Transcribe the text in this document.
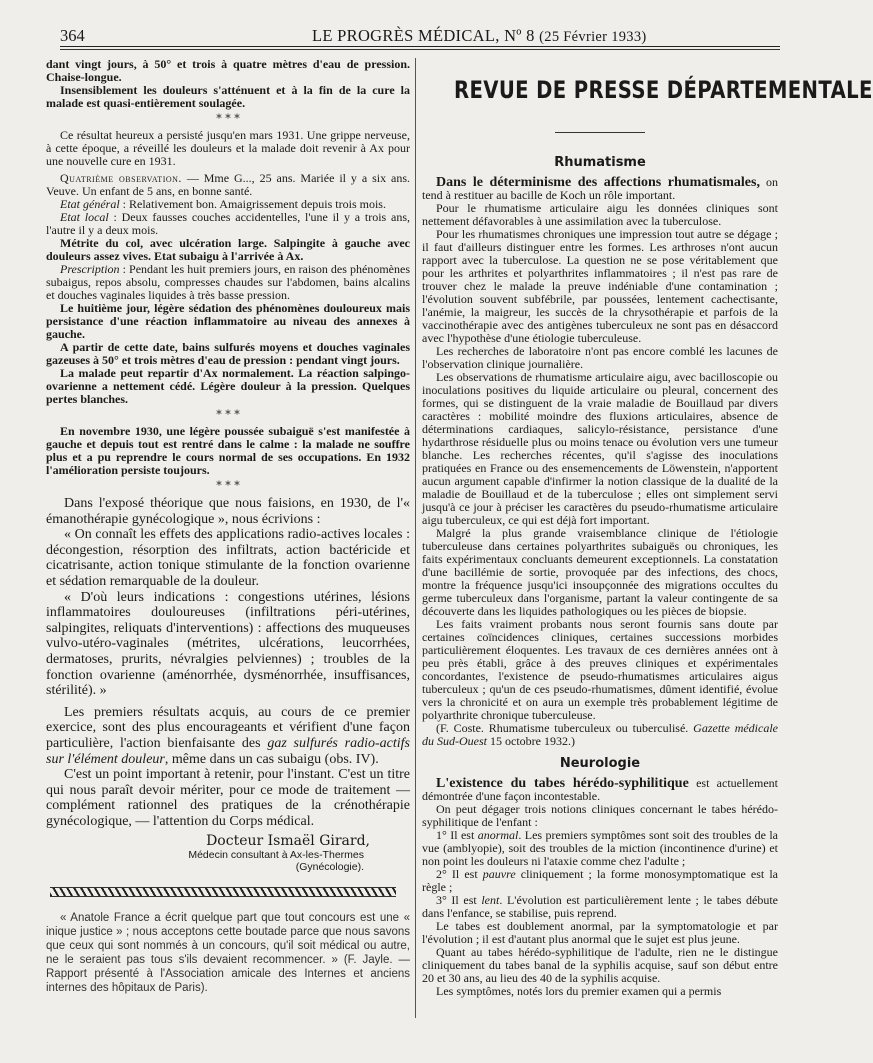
364	LE PROGRÈS MÉDICAL, Nº 8 (25 Février 1933)

dant vingt jours, à 50° et trois à quatre mètres d'eau de pression. Chaise-longue.

Insensiblement les douleurs s'atténuent et à la fin de la cure la malade est quasi-entièrement soulagée.

* * *

Ce résultat heureux a persisté jusqu'en mars 1931. Une grippe nerveuse, à cette époque, a réveillé les douleurs et la malade doit revenir à Ax pour une nouvelle cure en 1931.

Quatrième observation. — Mme G..., 25 ans. Mariée il y a six ans. Veuve. Un enfant de 5 ans, en bonne santé.

Etat général : Relativement bon. Amaigrissement depuis trois mois.

Etat local : Deux fausses couches accidentelles, l'une il y a trois ans, l'autre il y a deux mois.

Métrite du col, avec ulcération large. Salpingite à gauche avec douleurs assez vives. Etat subaigu à l'arrivée à Ax.

Prescription : Pendant les huit premiers jours, en raison des phénomènes subaigus, repos absolu, compresses chaudes sur l'abdomen, bains alcalins et douches vaginales liquides à très basse pression.

Le huitième jour, légère sédation des phénomènes douloureux mais persistance d'une réaction inflammatoire au niveau des annexes à gauche.

A partir de cette date, bains sulfurés moyens et douches vaginales gazeuses à 50° et trois mètres d'eau de pression : pendant vingt jours.

La malade peut repartir d'Ax normalement. La réaction salpingo-ovarienne a nettement cédé. Légère douleur à la pression. Quelques pertes blanches.

* * *

En novembre 1930, une légère poussée subaiguë s'est manifestée à gauche et depuis tout est rentré dans le calme : la malade ne souffre plus et a pu reprendre le cours normal de ses occupations. En 1932 l'amélioration persiste toujours.

* * *

Dans l'exposé théorique que nous faisions, en 1930, de l'« émanothérapie gynécologique », nous écrivions :

« On connaît les effets des applications radio-actives locales : décongestion, résorption des infiltrats, action bactéricide et cicatrisante, action tonique stimulante de la fonction ovarienne et sédation remarquable de la douleur.

« D'où leurs indications : congestions utérines, lésions inflammatoires douloureuses (infiltrations péri-utérines, salpingites, reliquats d'interventions) : affections des muqueuses vulvo-utéro-vaginales (métrites, ulcérations, leucorrhées, dermatoses, prurits, névralgies pelviennes) ; troubles de la fonction ovarienne (aménorrhée, dysménorrhée, insuffisances, stérilité). »

Les premiers résultats acquis, au cours de ce premier exercice, sont des plus encourageants et vérifient d'une façon particulière, l'action bienfaisante des gaz sulfurés radio-actifs sur l'élément douleur, même dans un cas subaigu (obs. IV).

C'est un point important à retenir, pour l'instant. C'est un titre qui nous paraît devoir mériter, pour ce mode de traitement — complément rationnel des pratiques de la crénothérapie gynécologique, — l'attention du Corps médical.

Docteur Ismaël Girard,
Médecin consultant à Ax-les-Thermes
(Gynécologie).

« Anatole France a écrit quelque part que tout concours est une « inique justice » ; nous acceptons cette boutade parce que nous savons que ceux qui sont nommés à un concours, qu'il soit médical ou autre, ne le seraient pas tous s'ils devaient recommencer. » (F. Jayle. — Rapport présenté à l'Association amicale des Internes et anciens internes des hôpitaux de Paris).

REVUE DE PRESSE DÉPARTEMENTALE
Rhumatisme

Dans le déterminisme des affections rhumatismales, on tend à restituer au bacille de Koch un rôle important.

Pour le rhumatisme articulaire aigu les données cliniques sont nettement défavorables à une assimilation avec la tuberculose.

Pour les rhumatismes chroniques une impression tout autre se dégage ; il faut d'ailleurs distinguer entre les formes. Les arthroses n'ont aucun rapport avec la tuberculose. La question ne se pose véritablement que pour les arthrites et polyarthrites inflammatoires ; il n'est pas rare de trouver chez le malade la preuve indéniable d'une contamination ; l'évolution souvent subfébrile, par poussées, lentement cachectisante, l'anémie, la maigreur, les succès de la chrysothérapie et parfois de la vaccinothérapie avec des antigènes tuberculeux ne sont pas en désaccord avec l'hypothèse d'une étiologie tuberculeuse.

Les recherches de laboratoire n'ont pas encore comblé les lacunes de l'observation clinique journalière.

Les observations de rhumatisme articulaire aigu, avec bacilloscopie ou inoculations positives du liquide articulaire ou pleural, concernent des formes, qui se distinguent de la vraie maladie de Bouillaud par divers caractères : mobilité moindre des fluxions articulaires, absence de déterminations cardiaques, salicylo-résistance, persistance d'une hydarthrose résiduelle plus ou moins tenace ou évolution vers une tumeur blanche. Les recherches récentes, qu'il s'agisse des inoculations pratiquées en France ou des ensemencements de Löwenstein, n'apportent aucun argument capable d'infirmer la notion classique de la dualité de la maladie de Bouillaud et de la tuberculose ; elles ont simplement servi jusqu'à ce jour à préciser les caractères du pseudo-rhumatisme articulaire aigu tuberculeux, ce qui est déjà fort important.

Malgré la plus grande vraisemblance clinique de l'étiologie tuberculeuse dans certaines polyarthrites subaiguës ou chroniques, les faits expérimentaux concluants demeurent exceptionnels. La constatation d'une bacillémie de sortie, provoquée par des infections, des chocs, montre la fréquence jusqu'ici insoupçonnée des migrations occultes du germe tuberculeux dans l'organisme, partant la valeur contingente de sa découverte dans les liquides pathologiques ou les pièces de biopsie.

Les faits vraiment probants nous seront fournis sans doute par certaines coïncidences cliniques, certaines successions morbides particulièrement éloquentes. Les travaux de ces dernières années ont à peu près établi, grâce à des preuves cliniques et expérimentales concordantes, l'existence de pseudo-rhumatismes articulaires aigus tuberculeux ; qu'un de ces pseudo-rhumatismes, dûment identifié, évolue vers la chronicité et on aura un exemple très probablement légitime de polyarthrite chronique tuberculeuse.

(F. Coste. Rhumatisme tuberculeux ou tuberculisé. Gazette médicale du Sud-Ouest 15 octobre 1932.)

Neurologie

L'existence du tabes hérédo-syphilitique est actuellement démontrée d'une façon incontestable.

On peut dégager trois notions cliniques concernant le tabes hérédo-syphilitique de l'enfant :

1° Il est anormal. Les premiers symptômes sont soit des troubles de la vue (amblyopie), soit des troubles de la miction (incontinence d'urine) et non point les douleurs ni l'ataxie comme chez l'adulte ;

2° Il est pauvre cliniquement ; la forme monosymptomatique est la règle ;

3° Il est lent. L'évolution est particulièrement lente ; le tabes débute dans l'enfance, se stabilise, puis reprend.

Le tabes est doublement anormal, par la symptomatologie et par l'évolution ; il est d'autant plus anormal que le sujet est plus jeune.

Quant au tabes hérédo-syphilitique de l'adulte, rien ne le distingue cliniquement du tabes banal de la syphilis acquise, sauf son début entre 20 et 30 ans, au lieu des 40 de la syphilis acquise.

Les symptômes, notés lors du premier examen qui a permis
